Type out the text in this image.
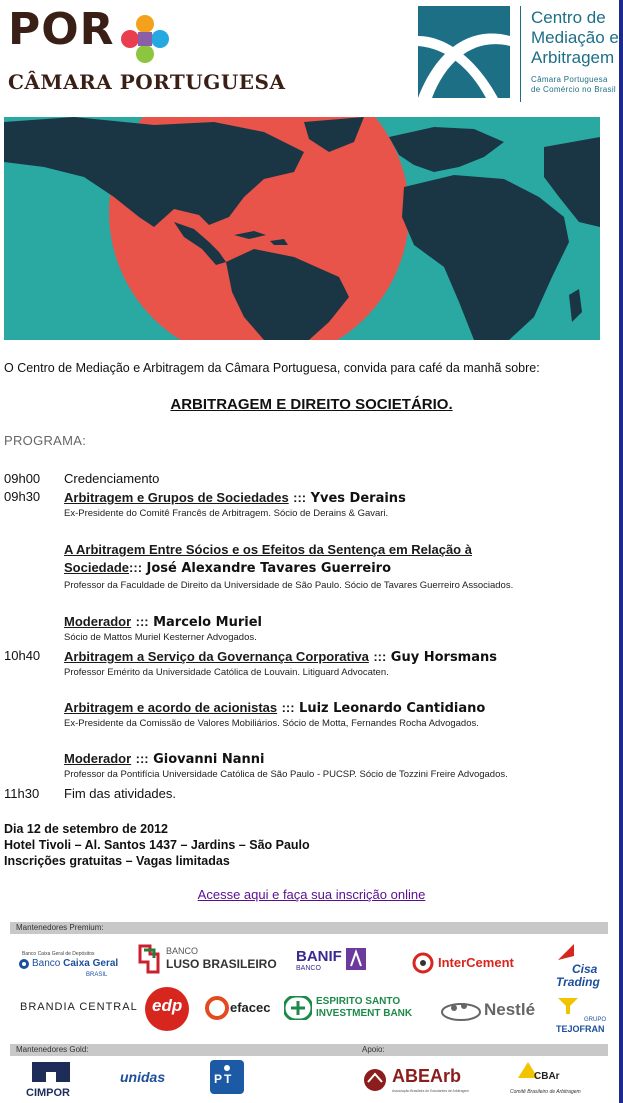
POR
CÂMARA PORTUGUESA
Centro de
Mediação e
Arbitragem
Câmara Portuguesa
de Comércio no Brasil
O Centro de Mediação e Arbitragem da Câmara Portuguesa, convida para café da manhã sobre:
ARBITRAGEM E DIREITO SOCIETÁRIO.
PROGRAMA:
09h00 Credenciamento
09h30 Arbitragem e Grupos de Sociedades ::: Yves Derains
Ex-Presidente do Comitê Francês de Arbitragem. Sócio de Derains & Gavari.
A Arbitragem Entre Sócios e os Efeitos da Sentença em Relação à
Sociedade::: José Alexandre Tavares Guerreiro
Professor da Faculdade de Direito da Universidade de São Paulo. Sócio de Tavares Guerreiro Associados.
Moderador ::: Marcelo Muriel
Sócio de Mattos Muriel Kesterner Advogados.
10h40 Arbitragem a Serviço da Governança Corporativa ::: Guy Horsmans
Professor Emérito da Universidade Católica de Louvain. Litiguard Advocaten.
Arbitragem e acordo de acionistas ::: Luiz Leonardo Cantidiano
Ex-Presidente da Comissão de Valores Mobiliários. Sócio de Motta, Fernandes Rocha Advogados.
Moderador ::: Giovanni Nanni
Professor da Pontifícia Universidade Católica de São Paulo - PUCSP. Sócio de Tozzini Freire Advogados.
11h30 Fim das atividades.
Dia 12 de setembro de 2012
Hotel Tivoli – Al. Santos 1437 – Jardins – São Paulo
Inscrições gratuitas – Vagas limitadas
Acesse aqui e faça sua inscrição online
Mantenedores Premium:
Banco Caixa Geral de Depósitos
Banco Caixa Geral
BRASIL
BANCO
LUSO BRASILEIRO BANIF
BANCO	InterCement	Cisa
Trading
BRANDIA CENTRAL edp	efacec	ESPIRITO SANTO
INVESTMENT BANK	Nestlé
GRUPO
TEJOFRAN
Mantenedores Gold:	Apoio:
CIMPOR
unidas	PT	ABEArb
Associação Brasileira de Estudantes de Arbitragem
CBAr
Comitê Brasileiro de Arbitragem
